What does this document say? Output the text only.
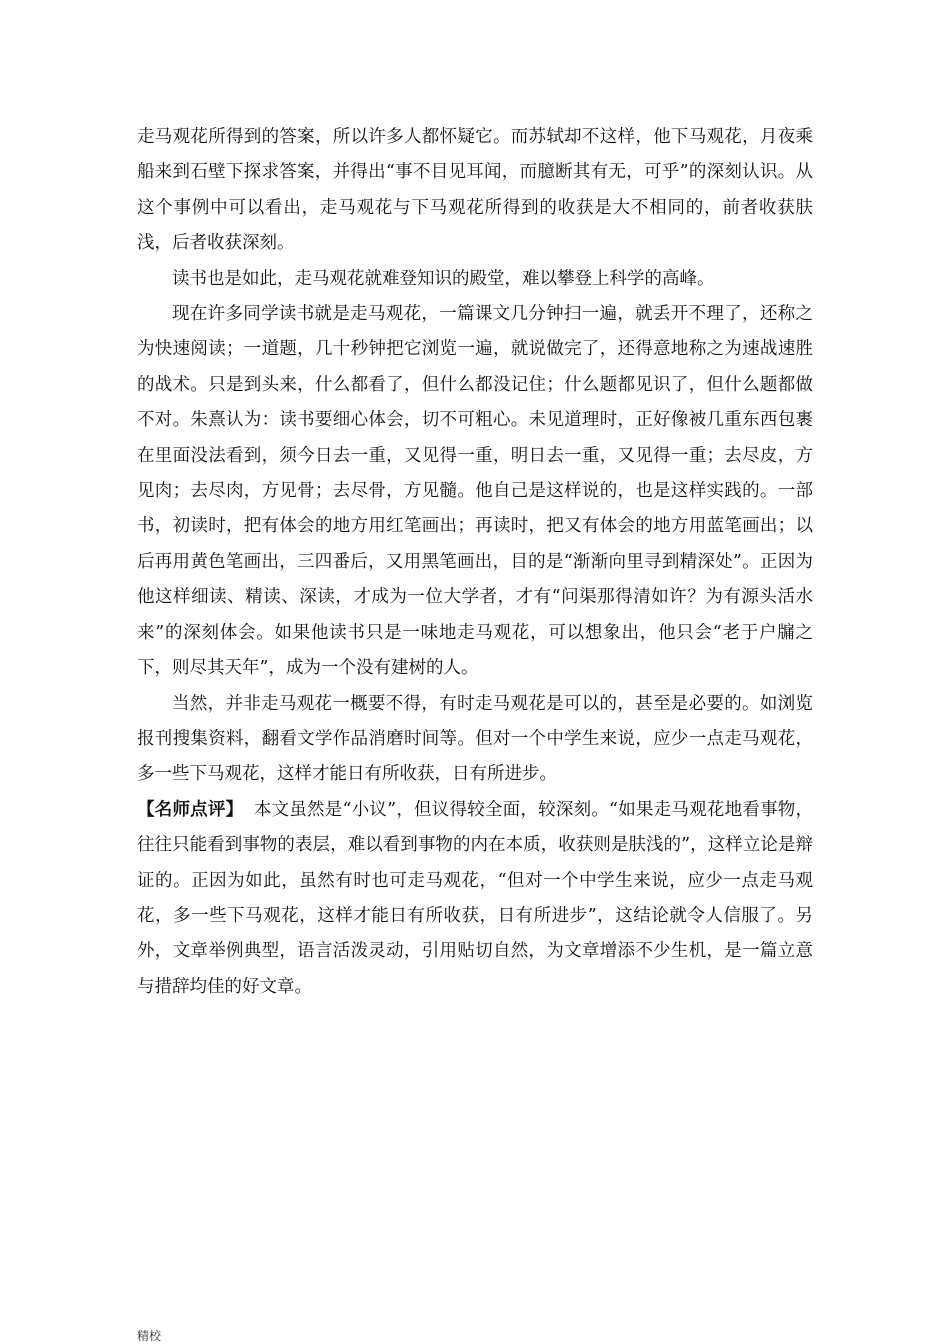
走马观花所得到的答案，所以许多人都怀疑它。而苏轼却不这样，他下马观花，月夜乘船来到石壁下探求答案，并得出“事不目见耳闻，而臆断其有无，可乎”的深刻认识。从这个事例中可以看出，走马观花与下马观花所得到的收获是大不相同的，前者收获肤浅，后者收获深刻。

读书也是如此，走马观花就难登知识的殿堂，难以攀登上科学的高峰。

现在许多同学读书就是走马观花，一篇课文几分钟扫一遍，就丢开不理了，还称之为快速阅读；一道题，几十秒钟把它浏览一遍，就说做完了，还得意地称之为速战速胜的战术。只是到头来，什么都看了，但什么都没记住；什么题都见识了，但什么题都做不对。朱熹认为：读书要细心体会，切不可粗心。未见道理时，正好像被几重东西包裹在里面没法看到，须今日去一重，又见得一重，明日去一重，又见得一重；去尽皮，方见肉；去尽肉，方见骨；去尽骨，方见髓。他自己是这样说的，也是这样实践的。一部书，初读时，把有体会的地方用红笔画出；再读时，把又有体会的地方用蓝笔画出；以后再用黄色笔画出，三四番后，又用黑笔画出，目的是“渐渐向里寻到精深处”。正因为他这样细读、精读、深读，才成为一位大学者，才有“问渠那得清如许？为有源头活水来”的深刻体会。如果他读书只是一味地走马观花，可以想象出，他只会“老于户牖之下，则尽其天年”，成为一个没有建树的人。

当然，并非走马观花一概要不得，有时走马观花是可以的，甚至是必要的。如浏览报刊搜集资料，翻看文学作品消磨时间等。但对一个中学生来说，应少一点走马观花，多一些下马观花，这样才能日有所收获，日有所进步。

【名师点评】 本文虽然是“小议”，但议得较全面，较深刻。“如果走马观花地看事物，往往只能看到事物的表层，难以看到事物的内在本质，收获则是肤浅的”，这样立论是辩证的。正因为如此，虽然有时也可走马观花，“但对一个中学生来说，应少一点走马观花，多一些下马观花，这样才能日有所收获，日有所进步”，这结论就令人信服了。另外，文章举例典型，语言活泼灵动，引用贴切自然，为文章增添不少生机，是一篇立意与措辞均佳的好文章。

精校
